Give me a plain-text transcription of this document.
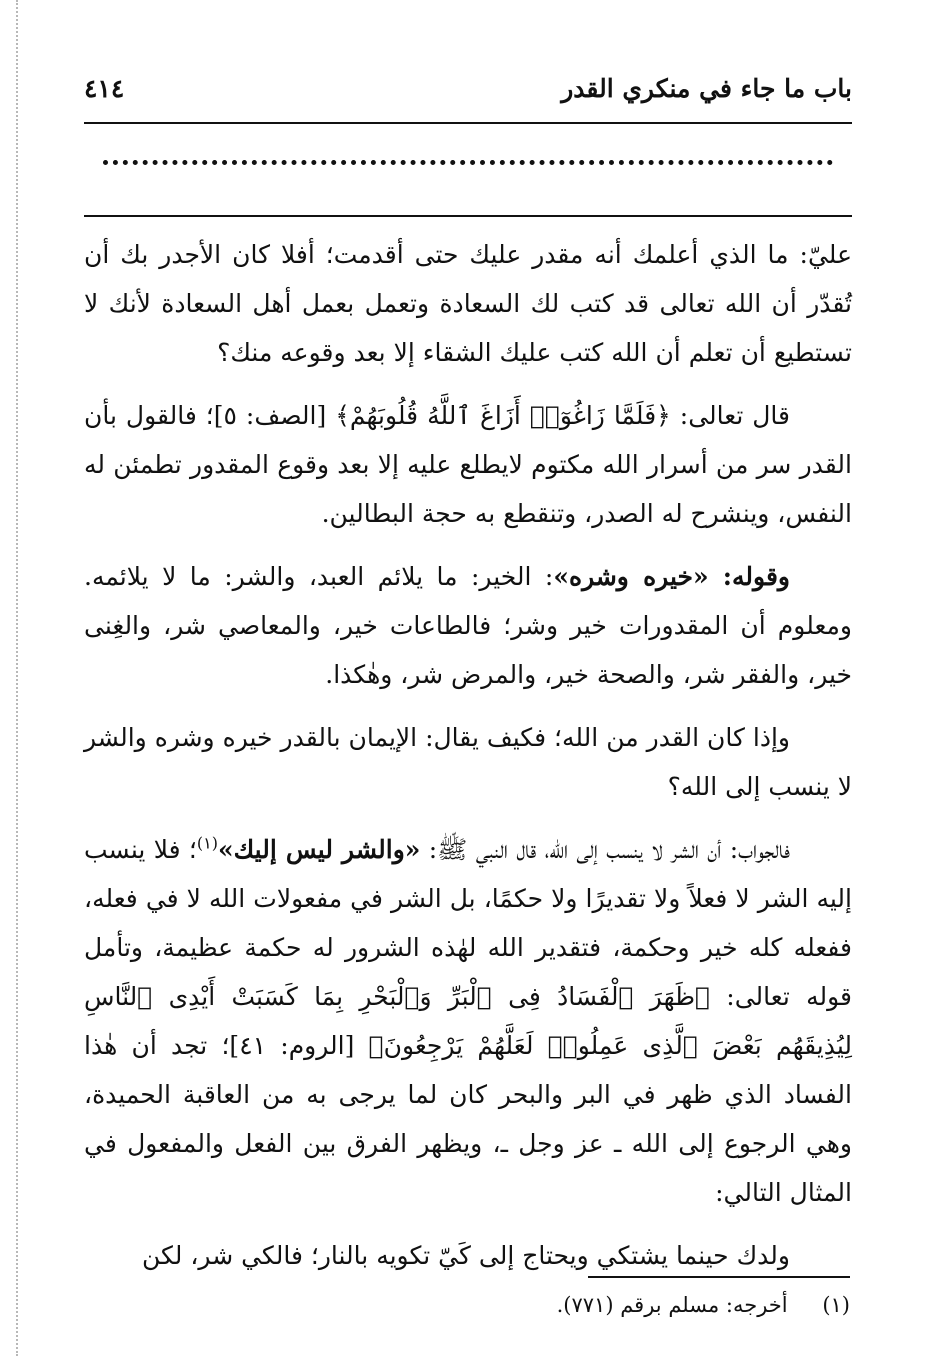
باب ما جاء في منكري القدر
٤١٤

عليّ: ما الذي أعلمك أنه مقدر عليك حتى أقدمت؛ أفلا كان الأجدر بك أن تُقدّر أن الله تعالى قد كتب لك السعادة وتعمل بعمل أهل السعادة لأنك لا تستطيع أن تعلم أن الله كتب عليك الشقاء إلا بعد وقوعه منك؟

قال تعالى: ﴿فَلَمَّا زَاغُوٓا۟ أَزَاغَ ٱللَّهُ قُلُوبَهُمْ﴾ [الصف: ٥]؛ فالقول بأن القدر سر من أسرار الله مكتوم لايطلع عليه إلا بعد وقوع المقدور تطمئن له النفس، وينشرح له الصدر، وتنقطع به حجة البطالين.

وقوله: «خيره وشره»: الخير: ما يلائم العبد، والشر: ما لا يلائمه. ومعلوم أن المقدورات خير وشر؛ فالطاعات خير، والمعاصي شر، والغِنى خير، والفقر شر، والصحة خير، والمرض شر، وهٰكذا.

وإذا كان القدر من الله؛ فكيف يقال: الإيمان بالقدر خيره وشره والشر لا ينسب إلى الله؟

فالجواب: أن الشر لا ينسب إلى الله، قال النبي ﷺ: «والشر ليس إليك»$^{(١)}$؛ فلا ينسب إليه الشر لا فعلاً ولا تقديرًا ولا حكمًا، بل الشر في مفعولات الله لا في فعله، ففعله كله خير وحكمة، فتقدير الله لهٰذه الشرور له حكمة عظيمة، وتأمل قوله تعالى: ﴿ظَهَرَ ٱلْفَسَادُ فِى ٱلْبَرِّ وَٱلْبَحْرِ بِمَا كَسَبَتْ أَيْدِى ٱلنَّاسِ لِيُذِيقَهُم بَعْضَ ٱلَّذِى عَمِلُوا۟ لَعَلَّهُمْ يَرْجِعُونَ﴾ [الروم: ٤١]؛ تجد أن هٰذا الفساد الذي ظهر في البر والبحر كان لما يرجى به من العاقبة الحميدة، وهي الرجوع إلى الله ـ عز وجل ـ، ويظهر الفرق بين الفعل والمفعول في المثال التالي:

ولدك حينما يشتكي ويحتاج إلى كَيّ تكويه بالنار؛ فالكي شر، لكن

(١) أخرجه: مسلم برقم (٧٧١).
